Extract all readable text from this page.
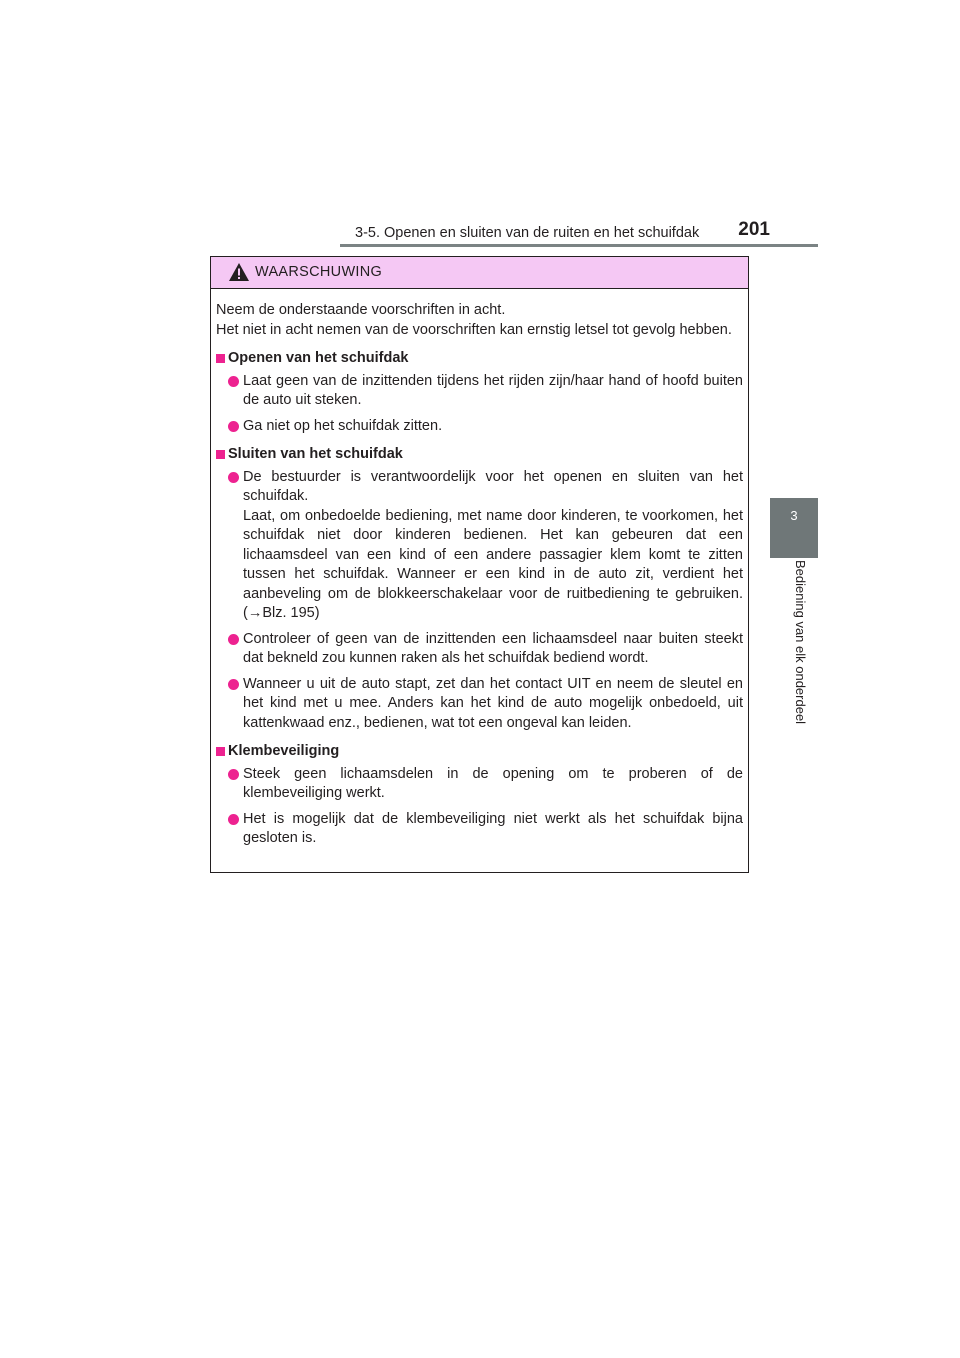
3-5. Openen en sluiten van de ruiten en het schuifdak 201
3
Bediening van elk onderdeel
WAARSCHUWING

Neem de onderstaande voorschriften in acht.

Het niet in acht nemen van de voorschriften kan ernstig letsel tot gevolg hebben.

Openen van het schuifdak

Laat geen van de inzittenden tijdens het rijden zijn/haar hand of hoofd buiten de auto uit steken.

Ga niet op het schuifdak zitten.

Sluiten van het schuifdak

De bestuurder is verantwoordelijk voor het openen en sluiten van het schuifdak.

Laat, om onbedoelde bediening, met name door kinderen, te voorkomen, het schuifdak niet door kinderen bedienen. Het kan gebeuren dat een lichaamsdeel van een kind of een andere passagier klem komt te zitten tussen het schuifdak. Wanneer er een kind in de auto zit, verdient het aanbeveling om de blokkeerschakelaar voor de ruitbediening te gebruiken. (→Blz. 195)

Controleer of geen van de inzittenden een lichaamsdeel naar buiten steekt dat bekneld zou kunnen raken als het schuifdak bediend wordt.

Wanneer u uit de auto stapt, zet dan het contact UIT en neem de sleutel en het kind met u mee. Anders kan het kind de auto mogelijk onbedoeld, uit kattenkwaad enz., bedienen, wat tot een ongeval kan leiden.

Klembeveiliging

Steek geen lichaamsdelen in de opening om te proberen of de klembeveiliging werkt.

Het is mogelijk dat de klembeveiliging niet werkt als het schuifdak bijna gesloten is.
